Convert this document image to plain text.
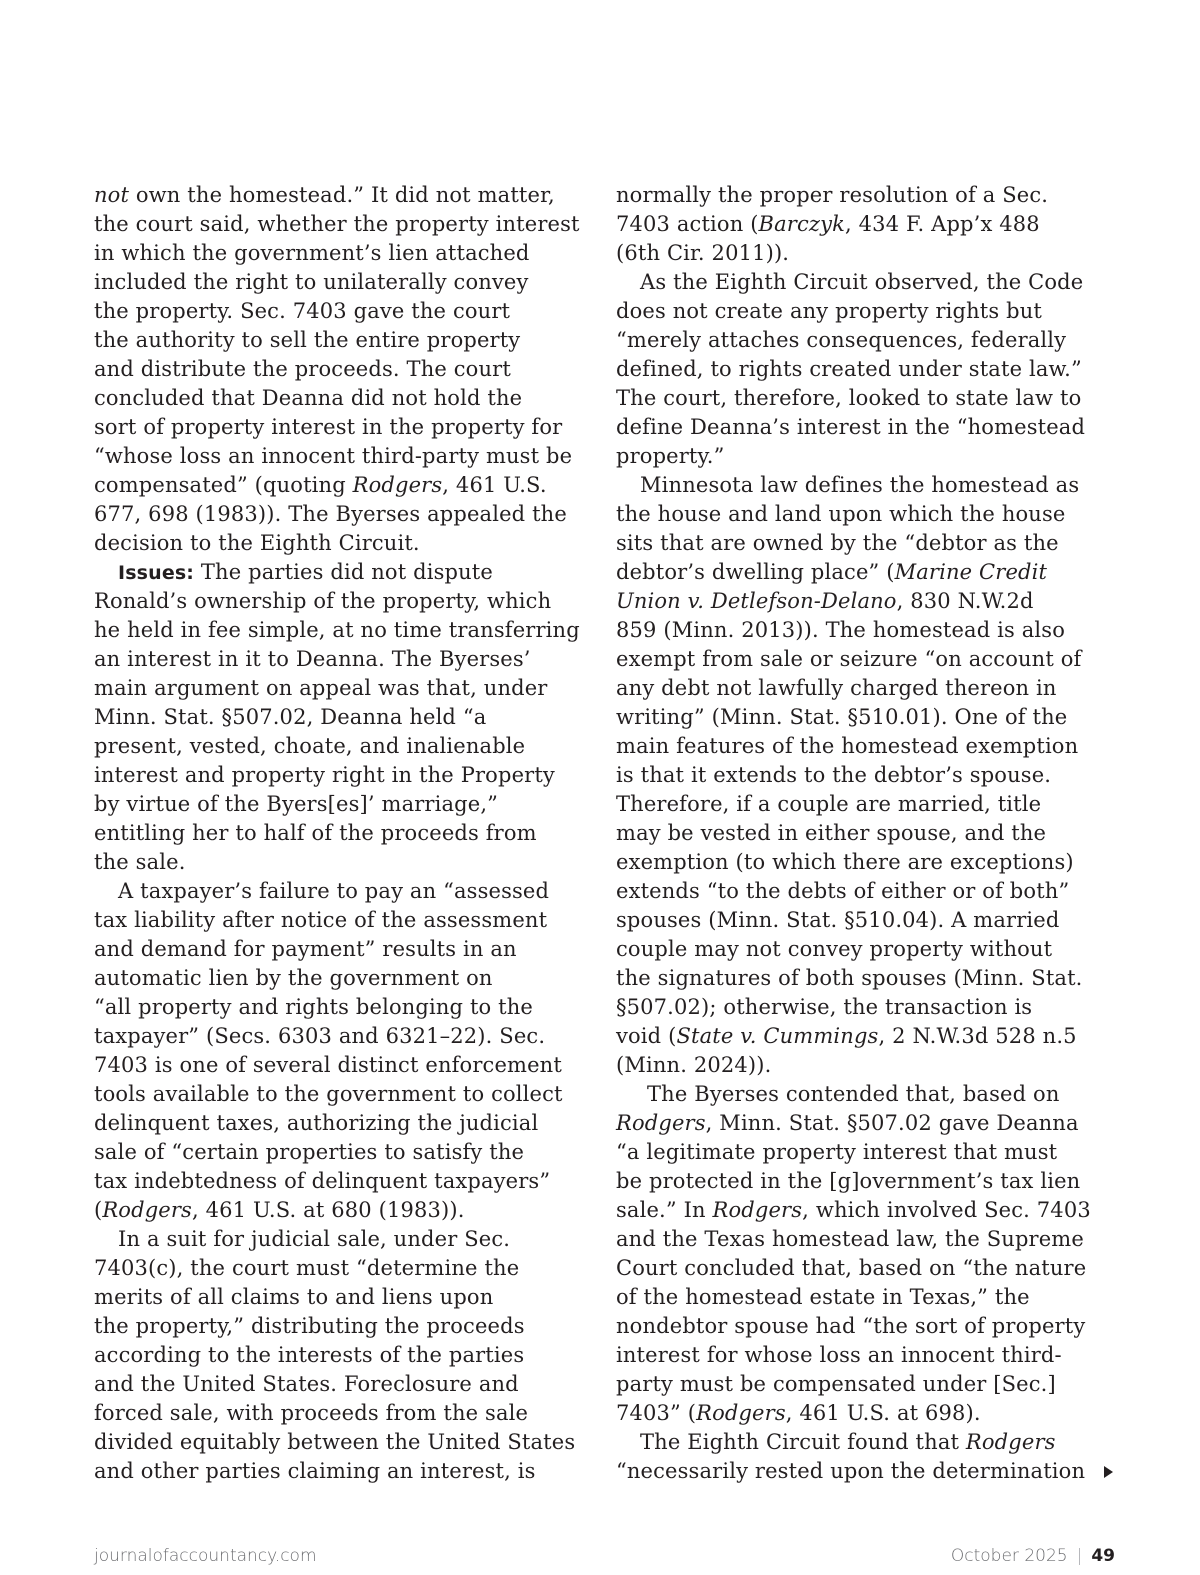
not own the homestead.” It did not matter,
the court said, whether the property interest
in which the government’s lien attached
included the right to unilaterally convey
the property. Sec. 7403 gave the court
the authority to sell the entire property
and distribute the proceeds. The court
concluded that Deanna did not hold the
sort of property interest in the property for
“whose loss an innocent third-party must be
compensated” (quoting Rodgers, 461 U.S.
677, 698 (1983)). The Byerses appealed the
decision to the Eighth Circuit.
Issues: The parties did not dispute
Ronald’s ownership of the property, which
he held in fee simple, at no time transferring
an interest in it to Deanna. The Byerses’
main argument on appeal was that, under
Minn. Stat. §507.02, Deanna held “a
present, vested, choate, and inalienable
interest and property right in the Property
by virtue of the Byers[es]’ marriage,”
entitling her to half of the proceeds from
the sale.
A taxpayer’s failure to pay an “assessed
tax liability after notice of the assessment
and demand for payment” results in an
automatic lien by the government on
“all property and rights belonging to the
taxpayer” (Secs. 6303 and 6321–22). Sec.
7403 is one of several distinct enforcement
tools available to the government to collect
delinquent taxes, authorizing the judicial
sale of “certain properties to satisfy the
tax indebtedness of delinquent taxpayers”
(Rodgers, 461 U.S. at 680 (1983)).
In a suit for judicial sale, under Sec.
7403(c), the court must “determine the
merits of all claims to and liens upon
the property,” distributing the proceeds
according to the interests of the parties
and the United States. Foreclosure and
forced sale, with proceeds from the sale
divided equitably between the United States
and other parties claiming an interest, is
normally the proper resolution of a Sec.
7403 action (Barczyk, 434 F. App’x 488
(6th Cir. 2011)).
As the Eighth Circuit observed, the Code
does not create any property rights but
“merely attaches consequences, federally
defined, to rights created under state law.”
The court, therefore, looked to state law to
define Deanna’s interest in the “homestead
property.”
Minnesota law defines the homestead as
the house and land upon which the house
sits that are owned by the “debtor as the
debtor’s dwelling place” (Marine Credit
Union v. Detlefson-Delano, 830 N.W.2d
859 (Minn. 2013)). The homestead is also
exempt from sale or seizure “on account of
any debt not lawfully charged thereon in
writing” (Minn. Stat. §510.01). One of the
main features of the homestead exemption
is that it extends to the debtor’s spouse.
Therefore, if a couple are married, title
may be vested in either spouse, and the
exemption (to which there are exceptions)
extends “to the debts of either or of both”
spouses (Minn. Stat. §510.04). A married
couple may not convey property without
the signatures of both spouses (Minn. Stat.
§507.02); otherwise, the transaction is
void (State v. Cummings, 2 N.W.3d 528 n.5
(Minn. 2024)).
The Byerses contended that, based on
Rodgers, Minn. Stat. §507.02 gave Deanna
“a legitimate property interest that must
be protected in the [g]overnment’s tax lien
sale.” In Rodgers, which involved Sec. 7403
and the Texas homestead law, the Supreme
Court concluded that, based on “the nature
of the homestead estate in Texas,” the
nondebtor spouse had “the sort of property
interest for whose loss an innocent third-
party must be compensated under [Sec.]
7403” (Rodgers, 461 U.S. at 698).
The Eighth Circuit found that Rodgers
“necessarily rested upon the determination
journalofaccountancy.com	October 2025 | 49
